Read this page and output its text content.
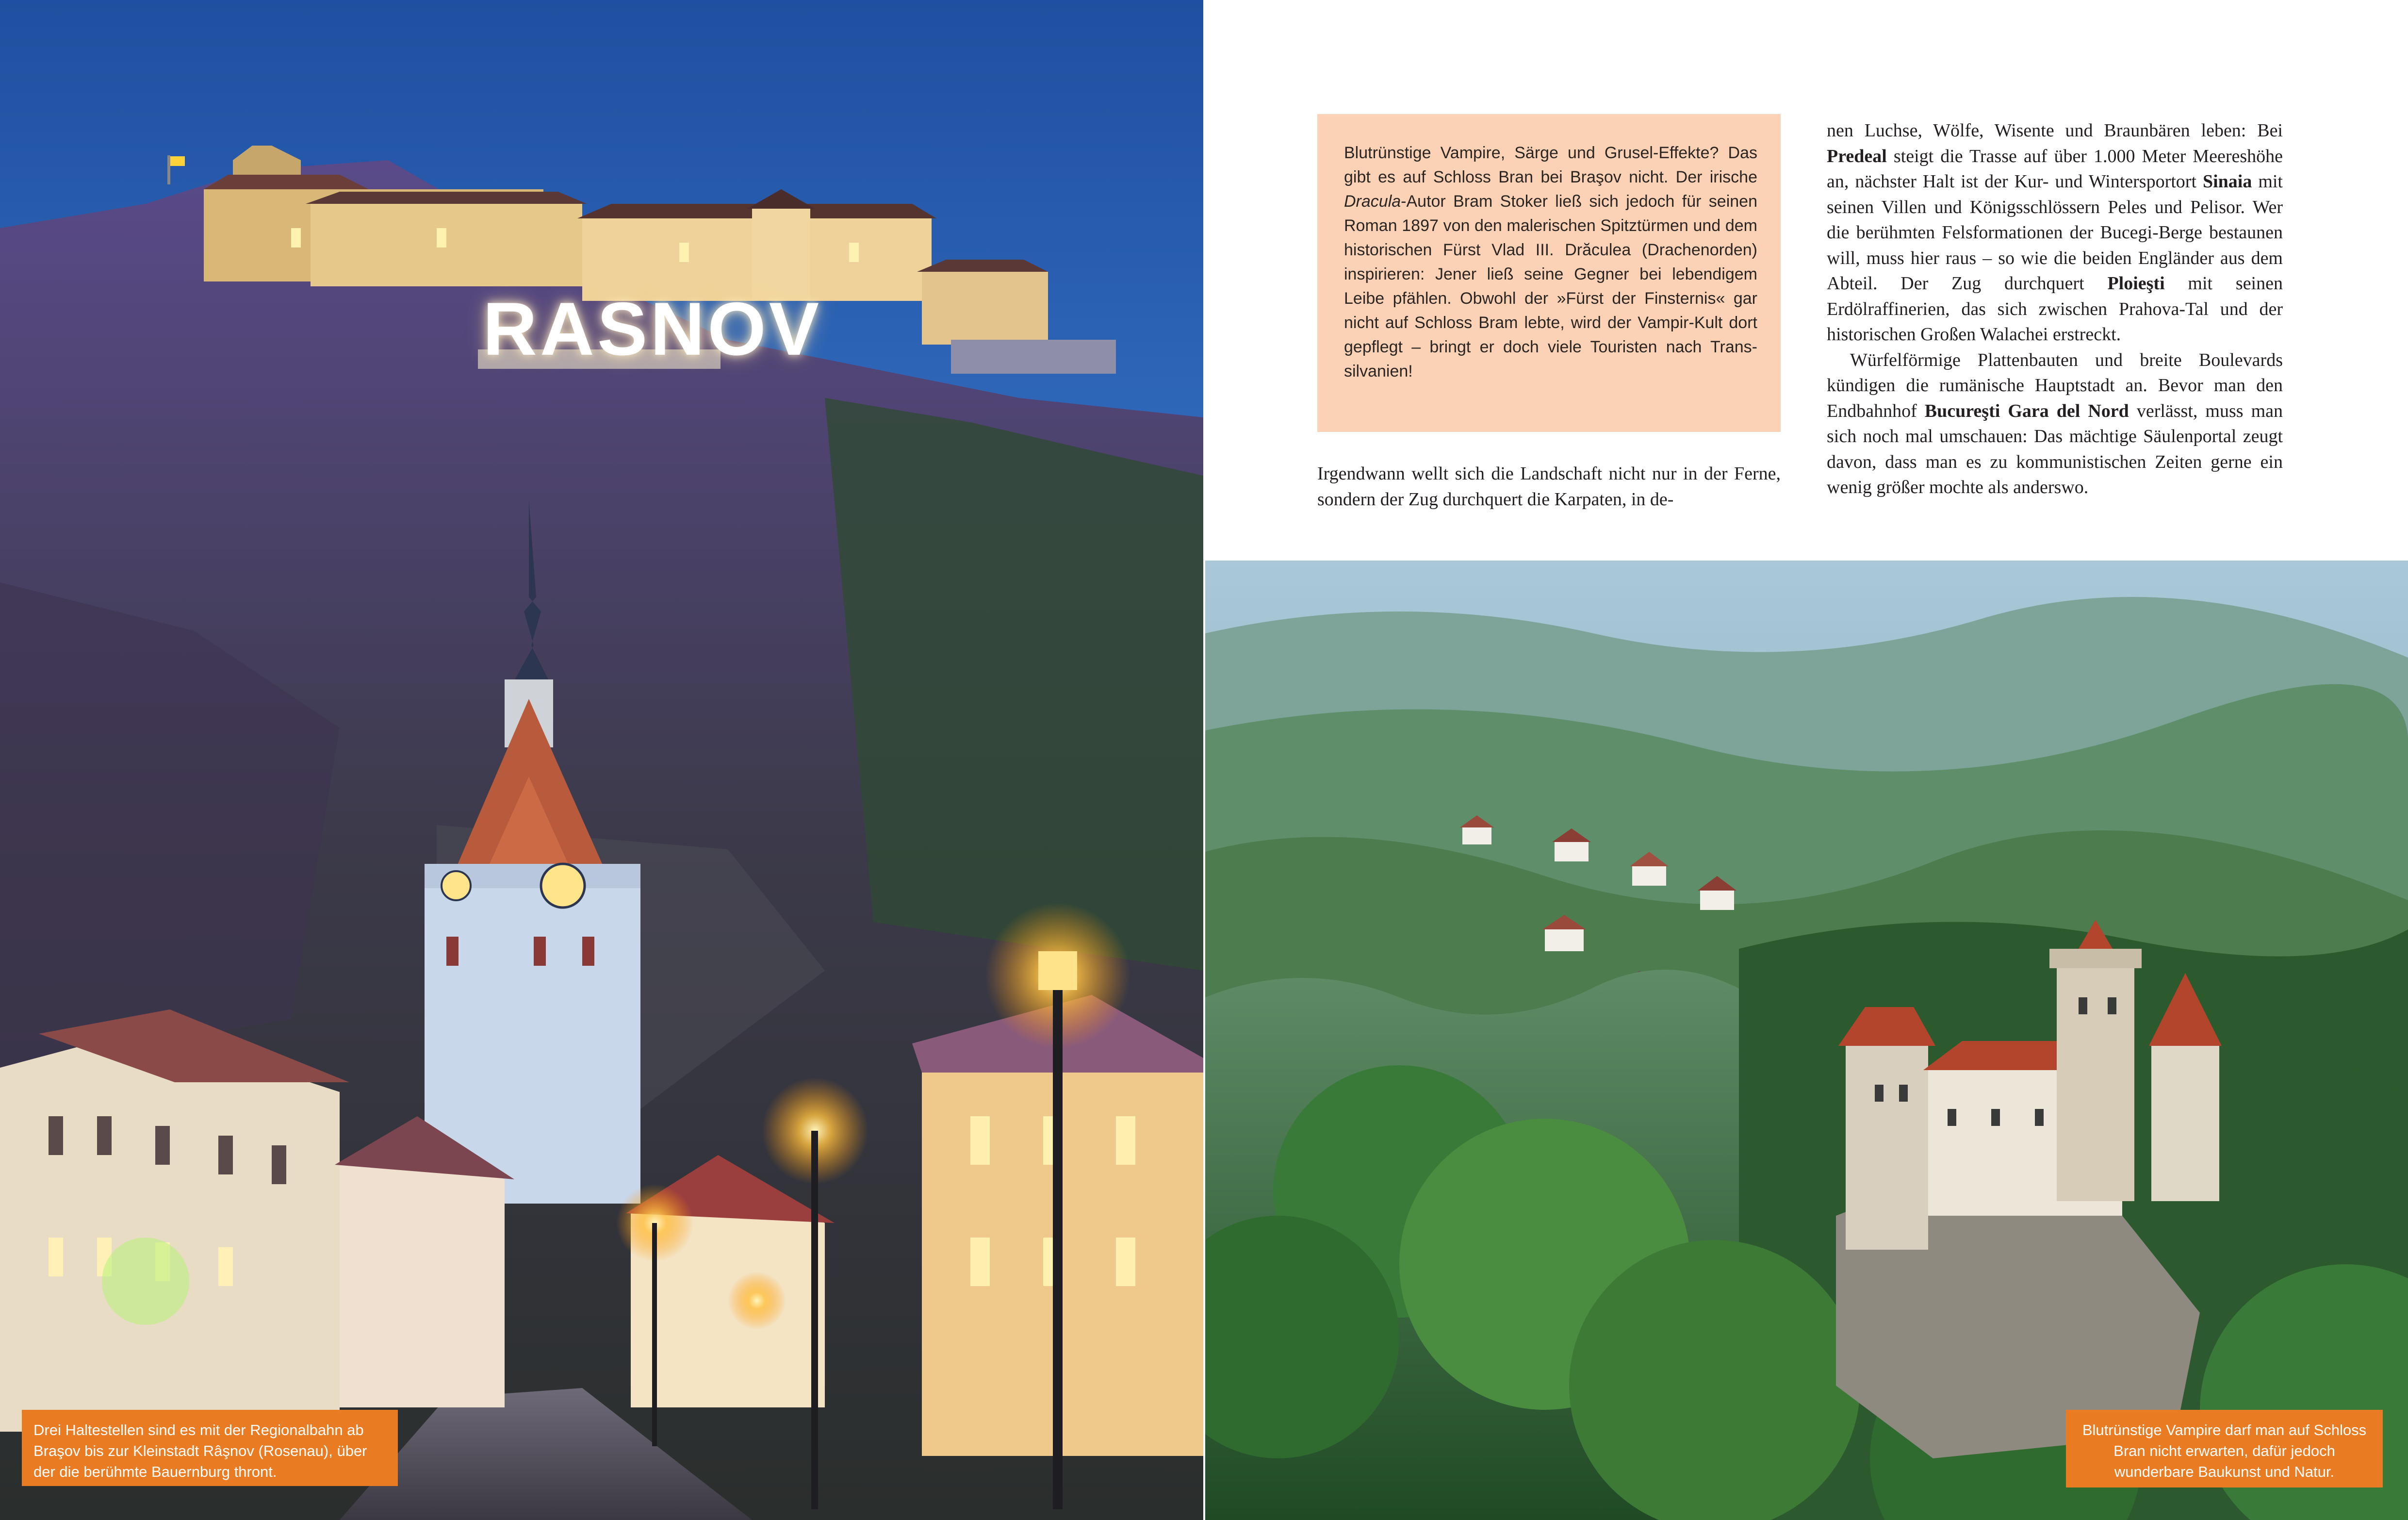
RASNOV
Drei Haltestellen sind es mit der Regionalbahn ab Braşov bis zur Kleinstadt Râşnov (Rosenau), über der die berühmte Bauernburg thront.

Blutrünstige Vampire, Särge und Grusel-Effekte? Das gibt es auf Schloss Bran bei Braşov nicht. Der irische Dracula-Autor Bram Stoker ließ sich jedoch für seinen Roman 1897 von den malerischen Spitztürmen und dem historischen Fürst Vlad III. Drăculea (Drachenorden) inspirieren: Jener ließ seine Gegner bei lebendigem Leibe pfählen. Obwohl der »Fürst der Finsternis« gar nicht auf Schloss Bram lebte, wird der Vampir-Kult dort gepflegt – bringt er doch viele Touristen nach Transsilvanien!

Irgendwann wellt sich die Landschaft nicht nur in der Ferne, sondern der Zug durchquert die Karpaten, in de-

nen Luchse, Wölfe, Wisente und Braunbären leben: Bei Predeal steigt die Trasse auf über 1.000 Meter Meereshöhe an, nächster Halt ist der Kur- und Wintersportort Sinaia mit seinen Villen und Königsschlössern Peles und Pelisor. Wer die berühmten Felsformationen der Bucegi-Berge bestaunen will, muss hier raus – so wie die beiden Engländer aus dem Abteil. Der Zug durchquert Ploieşti mit seinen Erdölraffinerien, das sich zwischen Prahova-Tal und der historischen Großen Walachei erstreckt.

Würfelförmige Plattenbauten und breite Boulevards kündigen die rumänische Hauptstadt an. Bevor man den Endbahnhof Bucureşti Gara del Nord verlässt, muss man sich noch mal umschauen: Das mächtige Säulenportal zeugt davon, dass man es zu kommunistischen Zeiten gerne ein wenig größer mochte als anderswo.

Blutrünstige Vampire darf man auf Schloss Bran nicht erwarten, dafür jedoch wunderbare Baukunst und Natur.
